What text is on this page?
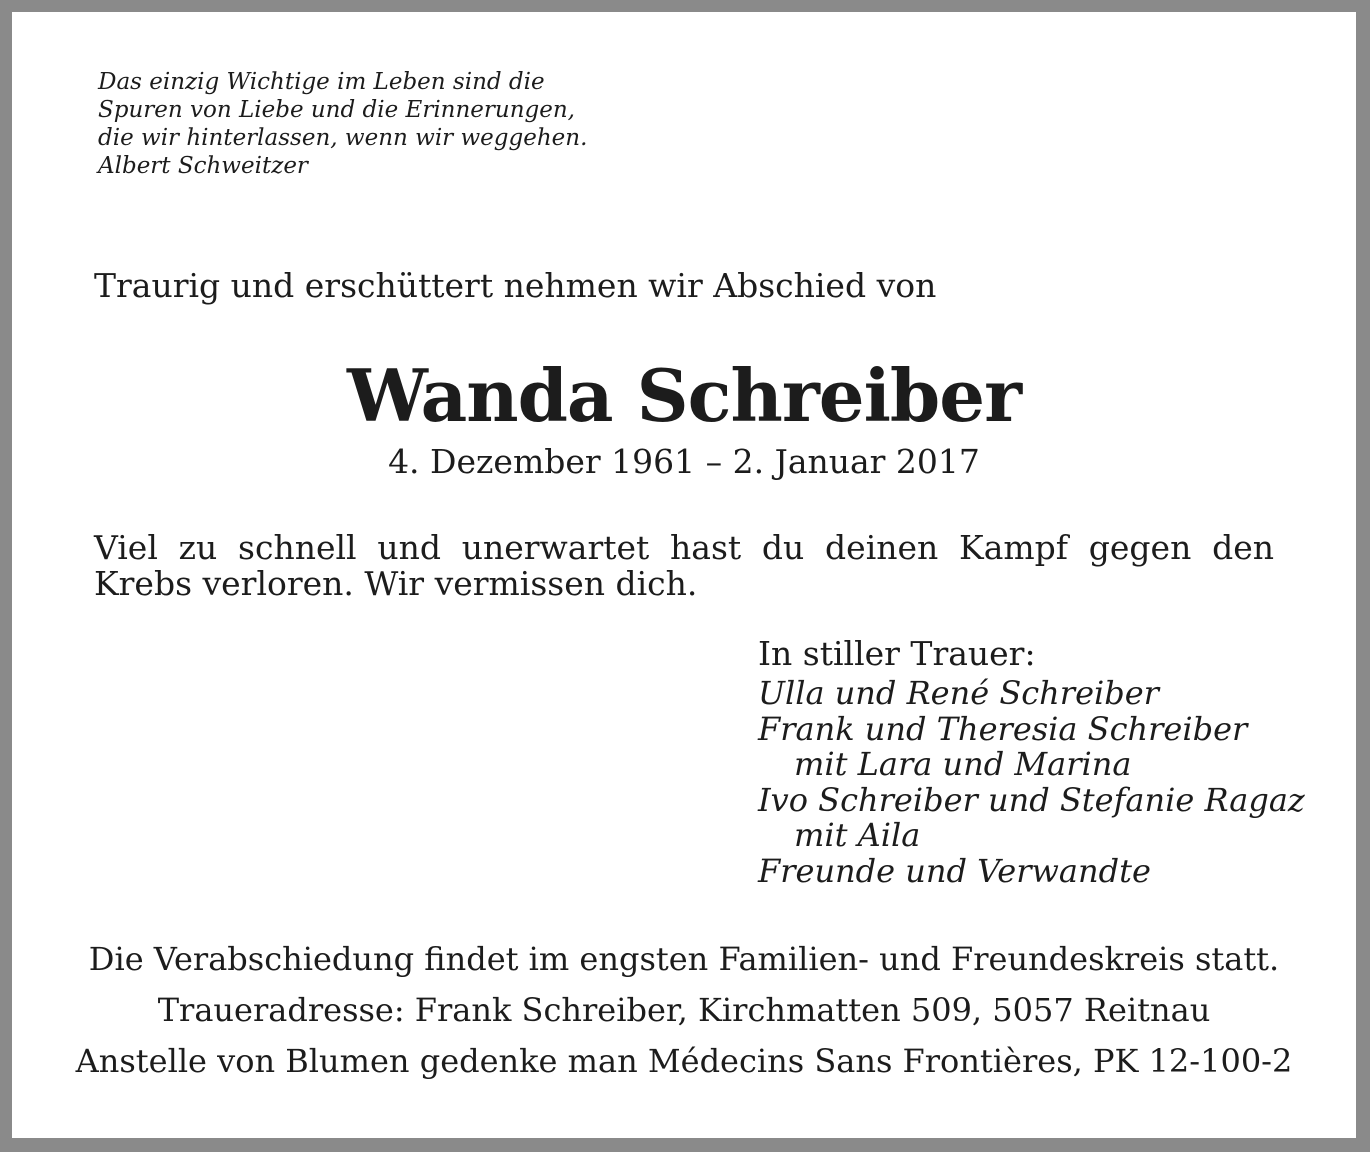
Das einzig Wichtige im Leben sind die
Spuren von Liebe und die Erinnerungen,
die wir hinterlassen, wenn wir weggehen.
Albert Schweitzer
Traurig und erschüttert nehmen wir Abschied von
Wanda Schreiber
4. Dezember 1961 – 2. Januar 2017
Viel zu schnell und unerwartet hast du deinen Kampf gegen den Krebs verloren. Wir vermissen dich.
In stiller Trauer:
Ulla und René Schreiber
Frank und Theresia Schreiber
mit Lara und Marina
Ivo Schreiber und Stefanie Ragaz
mit Aila
Freunde und Verwandte
Die Verabschiedung findet im engsten Familien- und Freundeskreis statt.
Traueradresse: Frank Schreiber, Kirchmatten 509, 5057 Reitnau
Anstelle von Blumen gedenke man Médecins Sans Frontières, PK 12-100-2
